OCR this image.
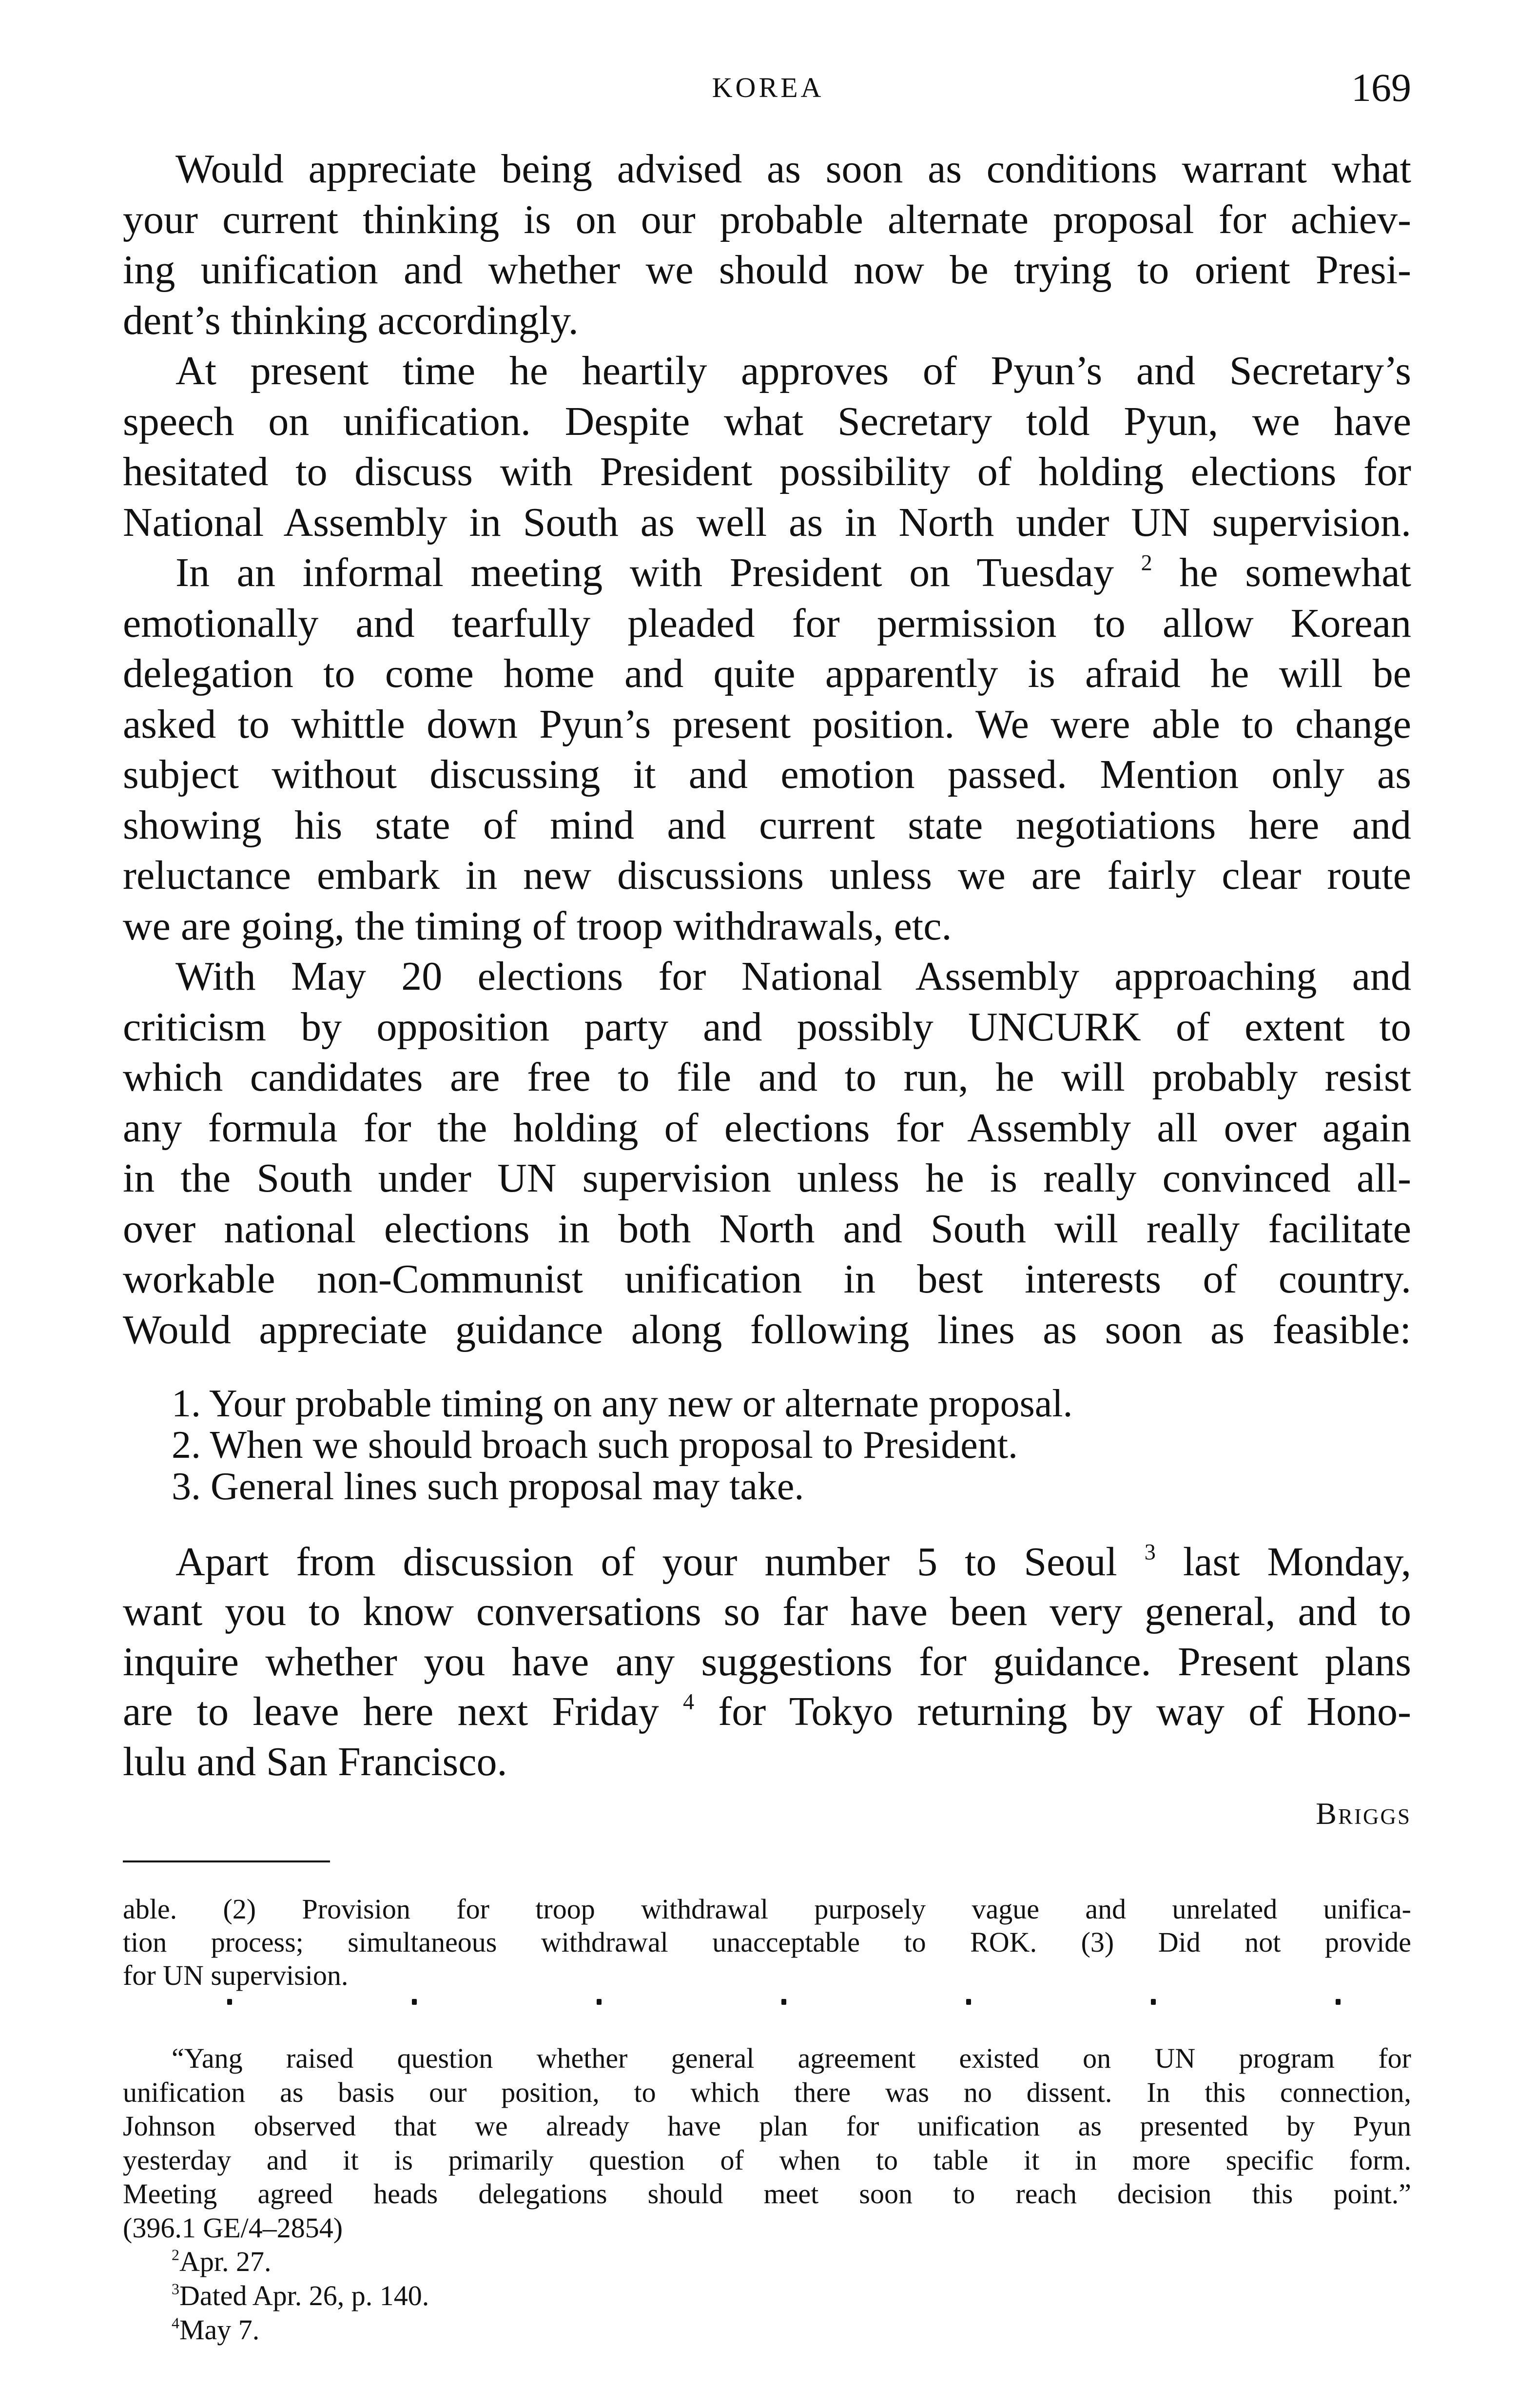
KOREA	169
Would appreciate being advised as soon as conditions warrant what
your current thinking is on our probable alternate proposal for achiev-
ing unification and whether we should now be trying to orient Presi-
dent’s thinking accordingly.
At present time he heartily approves of Pyun’s and Secretary’s
speech on unification. Despite what Secretary told Pyun, we have
hesitated to discuss with President possibility of holding elections for
National Assembly in South as well as in North under UN supervision.
In an informal meeting with President on Tuesday $^2$ he somewhat
emotionally and tearfully pleaded for permission to allow Korean
delegation to come home and quite apparently is afraid he will be
asked to whittle down Pyun’s present position. We were able to change
subject without discussing it and emotion passed. Mention only as
showing his state of mind and current state negotiations here and
reluctance embark in new discussions unless we are fairly clear route
we are going, the timing of troop withdrawals, etc.
With May 20 elections for National Assembly approaching and
criticism by opposition party and possibly UNCURK of extent to
which candidates are free to file and to run, he will probably resist
any formula for the holding of elections for Assembly all over again
in the South under UN supervision unless he is really convinced all-
over national elections in both North and South will really facilitate
workable non-Communist unification in best interests of country.
Would appreciate guidance along following lines as soon as feasible:
1. Your probable timing on any new or alternate proposal.
2. When we should broach such proposal to President.
3. General lines such proposal may take.
Apart from discussion of your number 5 to Seoul $^3$ last Monday,
want you to know conversations so far have been very general, and to
inquire whether you have any suggestions for guidance. Present plans
are to leave here next Friday $^4$ for Tokyo returning by way of Hono-
lulu and San Francisco.
Briggs
able. (2) Provision for troop withdrawal purposely vague and unrelated unifica-
tion process; simultaneous withdrawal unacceptable to ROK. (3) Did not provide
for UN supervision.
“Yang raised question whether general agreement existed on UN program for
unification as basis our position, to which there was no dissent. In this connection,
Johnson observed that we already have plan for unification as presented by Pyun
yesterday and it is primarily question of when to table it in more specific form.
Meeting agreed heads delegations should meet soon to reach decision this point.”
(396.1 GE/4–2854)
$^2$Apr. 27.
$^3$Dated Apr. 26, p. 140.
$^4$May 7.
